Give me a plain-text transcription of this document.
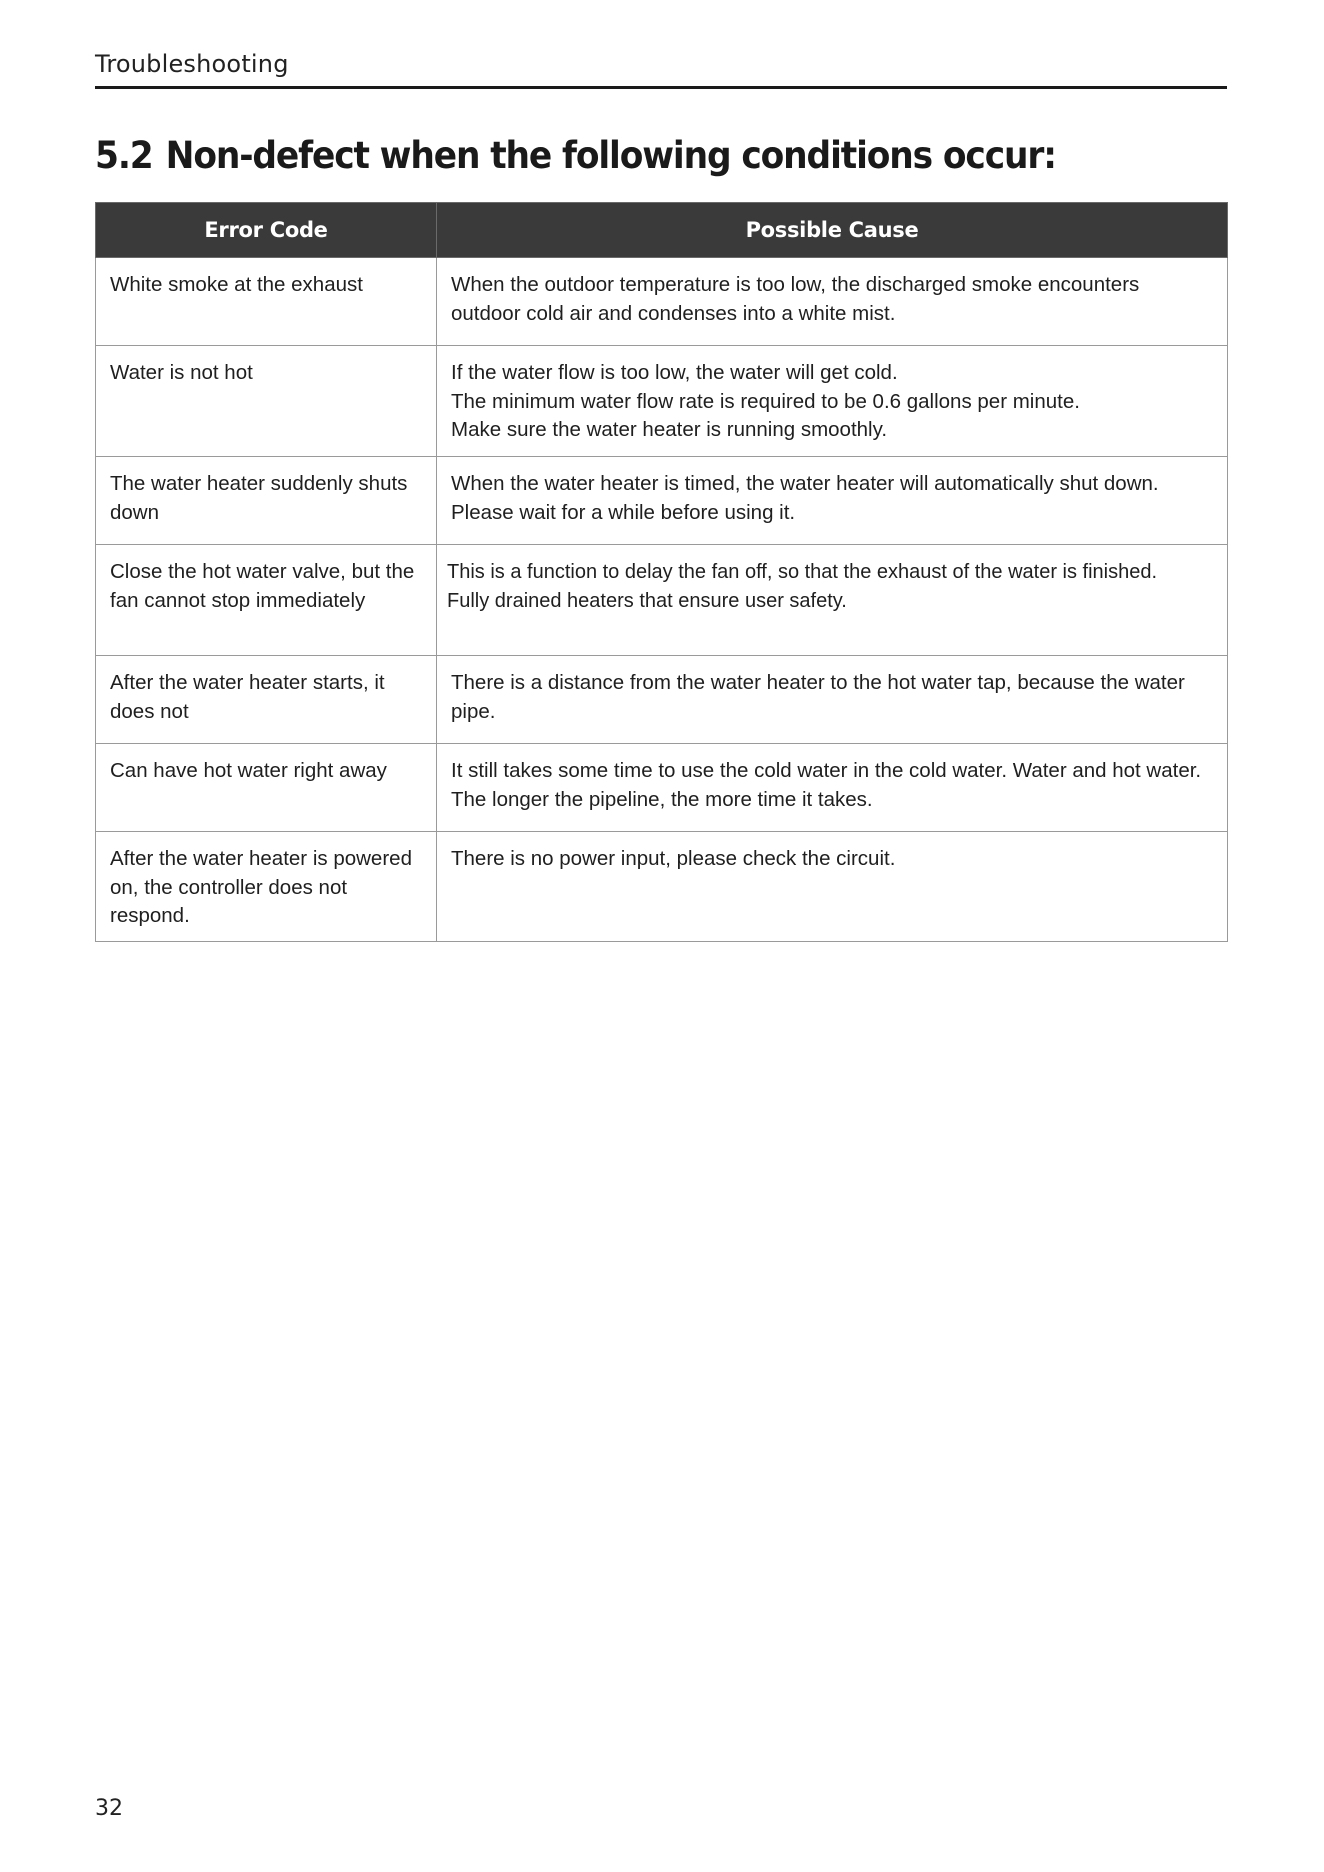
Troubleshooting
5.2 Non-defect when the following conditions occur:
Error Code	Possible Cause
White smoke at the exhaust	When the outdoor temperature is too low, the discharged smoke encounters outdoor cold air and condenses into a white mist.

Water is not hot	If the water flow is too low, the water will get cold.
The minimum water flow rate is required to be 0.6 gallons per minute.
Make sure the water heater is running smoothly.

The water heater suddenly shuts down	When the water heater is timed, the water heater will automatically shut down.
Please wait for a while before using it.

Close the hot water valve, but the fan cannot stop immediately	This is a function to delay the fan off, so that the exhaust of the water is finished.
Fully drained heaters that ensure user safety.

After the water heater starts, it does not	There is a distance from the water heater to the hot water tap, because the water pipe.

Can have hot water right away	It still takes some time to use the cold water in the cold water. Water and hot water. The longer the pipeline, the more time it takes.

After the water heater is powered on, the controller does not respond.	There is no power input, please check the circuit.
32
